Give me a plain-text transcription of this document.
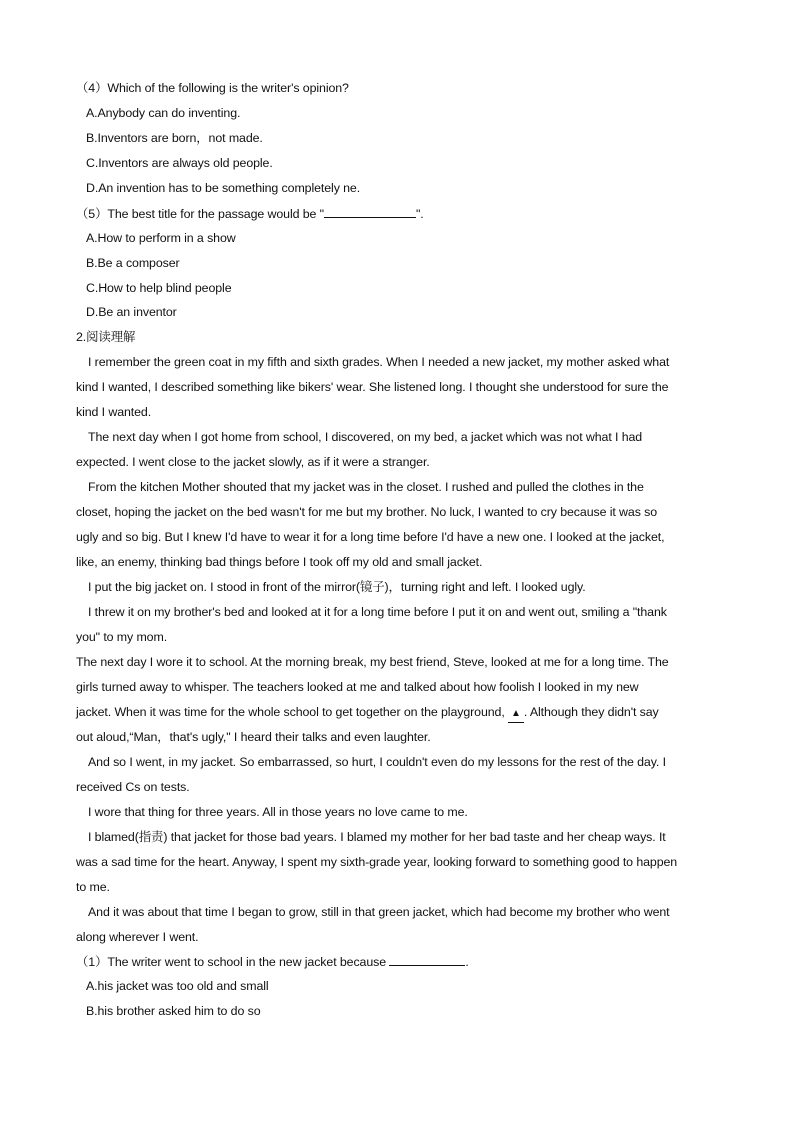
（4）Which of the following is the writer's opinion?
A.Anybody can do inventing.
B.Inventors are born，not made.
C.Inventors are always old people.
D.An invention has to be something completely ne.
（5）The best title for the passage would be "	".
A.How to perform in a show
B.Be a composer
C.How to help blind people
D.Be an inventor
2.阅读理解
I remember the green coat in my fifth and sixth grades. When I needed a new jacket, my mother asked what
kind I wanted, I described something like bikers' wear. She listened long. I thought she understood for sure the
kind I wanted.
The next day when I got home from school, I discovered, on my bed, a jacket which was not what I had
expected. I went close to the jacket slowly, as if it were a stranger.
From the kitchen Mother shouted that my jacket was in the closet. I rushed and pulled the clothes in the
closet, hoping the jacket on the bed wasn't for me but my brother. No luck, I wanted to cry because it was so
ugly and so big. But I knew I'd have to wear it for a long time before I'd have a new one. I looked at the jacket,
like, an enemy, thinking bad things before I took off my old and small jacket.
I put the big jacket on. I stood in front of the mirror(镜子)，turning right and left. I looked ugly.
I threw it on my brother's bed and looked at it for a long time before I put it on and went out, smiling a "thank
you" to my mom.
The next day I wore it to school. At the morning break, my best friend, Steve, looked at me for a long time. The
girls turned away to whisper. The teachers looked at me and talked about how foolish I looked in my new
jacket. When it was time for the whole school to get together on the playground, ▲ . Although they didn't say
out aloud,“Man，that's ugly," I heard their talks and even laughter.
And so I went, in my jacket. So embarrassed, so hurt, I couldn't even do my lessons for the rest of the day. I
received Cs on tests.
I wore that thing for three years. All in those years no love came to me.
I blamed(指责) that jacket for those bad years. I blamed my mother for her bad taste and her cheap ways. It
was a sad time for the heart. Anyway, I spent my sixth-grade year, looking forward to something good to happen
to me.
And it was about that time I began to grow, still in that green jacket, which had become my brother who went
along wherever I went.
（1）The writer went to school in the new jacket because	.
A.his jacket was too old and small
B.his brother asked him to do so
